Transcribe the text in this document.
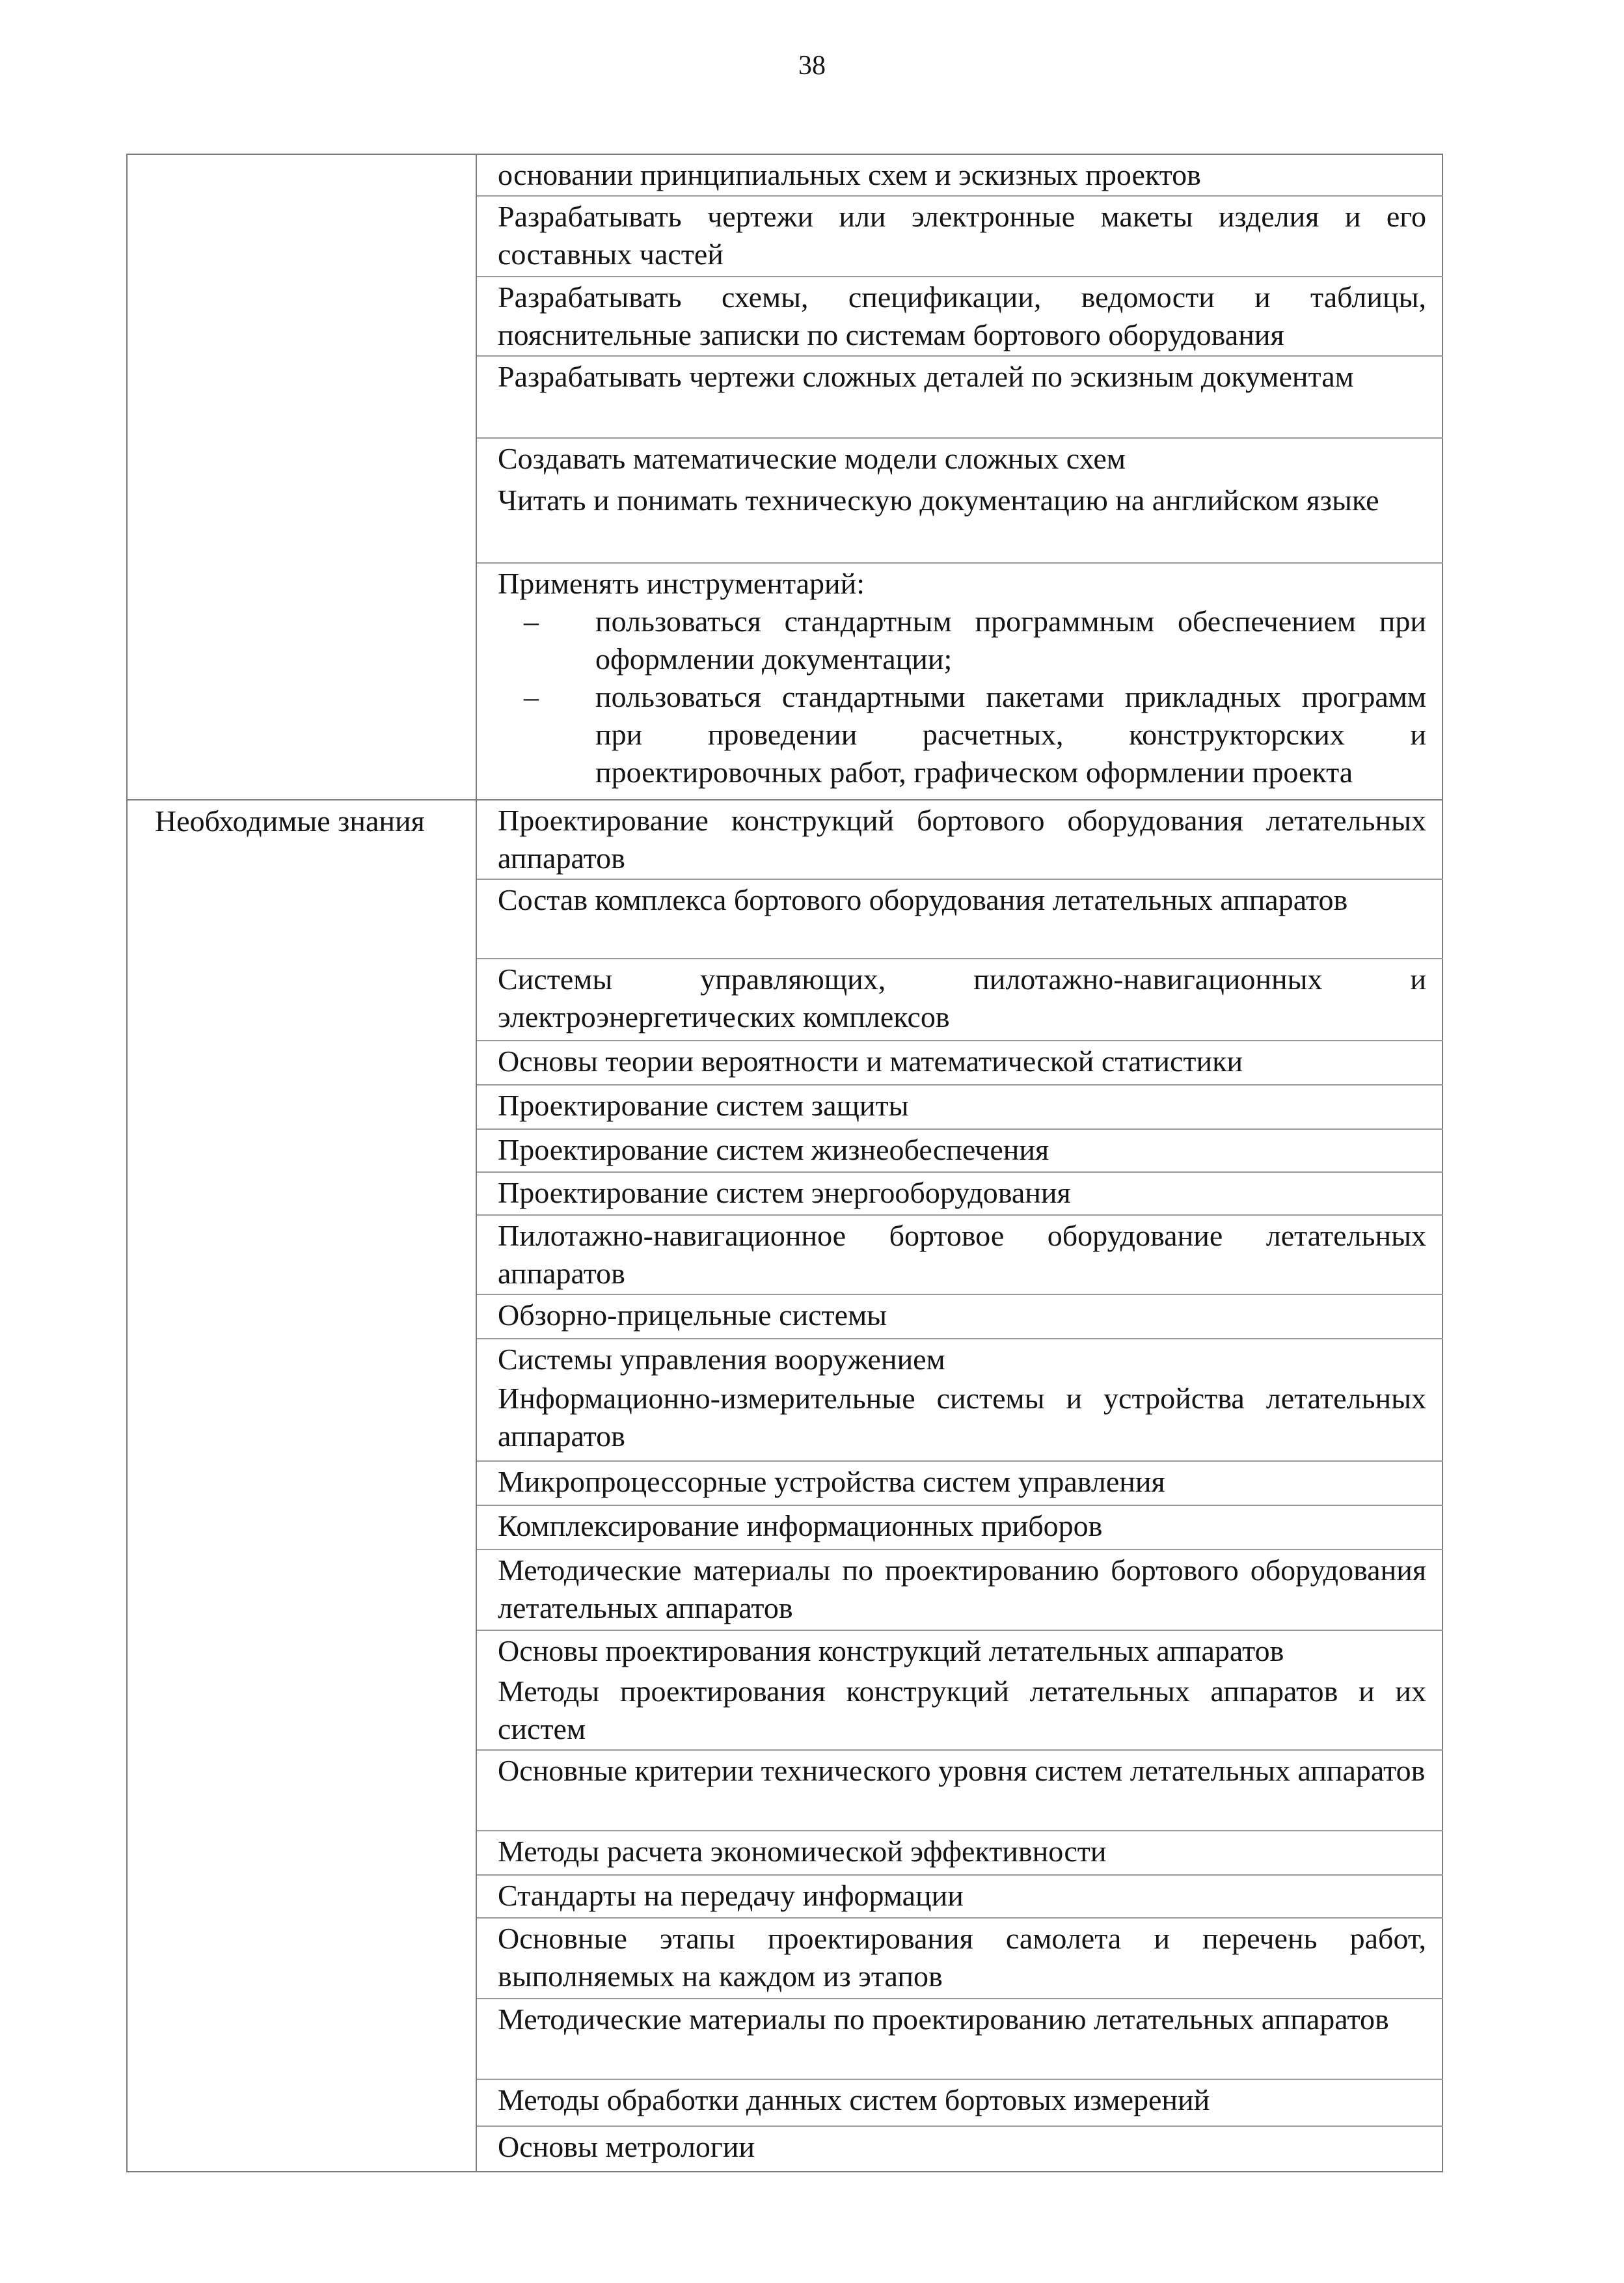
38
Необходимые знания
основании принципиальных схем и эскизных проектов
Разрабатывать чертежи или электронные макеты изделия и его составных частей
Разрабатывать схемы, спецификации, ведомости и таблицы, пояснительные записки по системам бортового оборудования
Разрабатывать чертежи сложных деталей по эскизным документам
Создавать математические модели сложных схем
Читать и понимать техническую документацию на английском языке
Применять инструментарий:
– пользоваться стандартным программным обеспечением при оформлении документации;
– пользоваться стандартными пакетами прикладных программ при проведении расчетных, конструкторских и проектировочных работ, графическом оформлении проекта
Проектирование конструкций бортового оборудования летательных аппаратов
Состав комплекса бортового оборудования летательных аппаратов
Системы управляющих, пилотажно-навигационных и электроэнергетических комплексов
Основы теории вероятности и математической статистики
Проектирование систем защиты
Проектирование систем жизнеобеспечения
Проектирование систем энергооборудования
Пилотажно-навигационное бортовое оборудование летательных аппаратов
Обзорно-прицельные системы
Системы управления вооружением
Информационно-измерительные системы и устройства летательных аппаратов
Микропроцессорные устройства систем управления
Комплексирование информационных приборов
Методические материалы по проектированию бортового оборудования летательных аппаратов
Основы проектирования конструкций летательных аппаратов
Методы проектирования конструкций летательных аппаратов и их систем
Основные критерии технического уровня систем летательных аппаратов
Методы расчета экономической эффективности
Стандарты на передачу информации
Основные этапы проектирования самолета и перечень работ, выполняемых на каждом из этапов
Методические материалы по проектированию летательных аппаратов
Методы обработки данных систем бортовых измерений
Основы метрологии
